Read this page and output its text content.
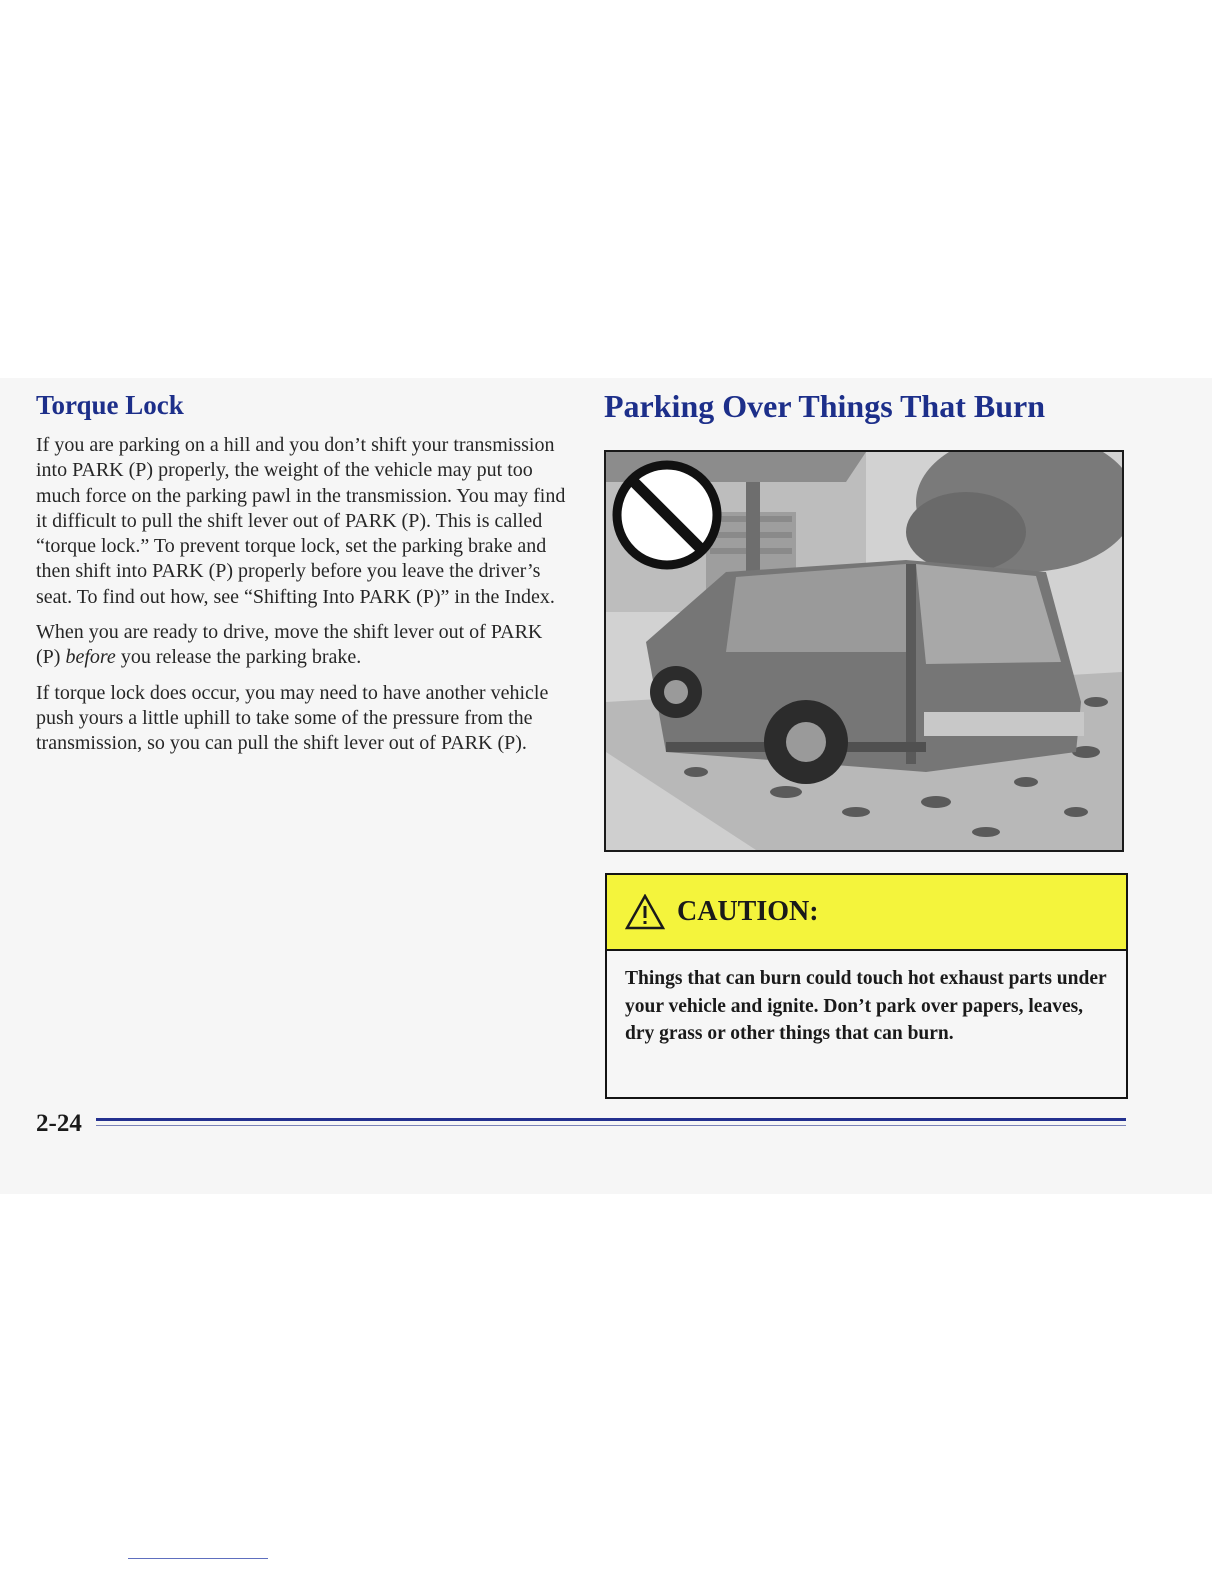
Torque Lock

If you are parking on a hill and you don’t shift your transmission into PARK (P) properly, the weight of the vehicle may put too much force on the parking pawl in the transmission. You may find it difficult to pull the shift lever out of PARK (P). This is called “torque lock.” To prevent torque lock, set the parking brake and then shift into PARK (P) properly before you leave the driver’s seat. To find out how, see “Shifting Into PARK (P)” in the Index.

When you are ready to drive, move the shift lever out of PARK (P) before you release the parking brake.

If torque lock does occur, you may need to have another vehicle push yours a little uphill to take some of the pressure from the transmission, so you can pull the shift lever out of PARK (P).

Parking Over Things That Burn
CAUTION:

Things that can burn could touch hot exhaust parts under your vehicle and ignite. Don’t park over papers, leaves, dry grass or other things that can burn.

2-24
